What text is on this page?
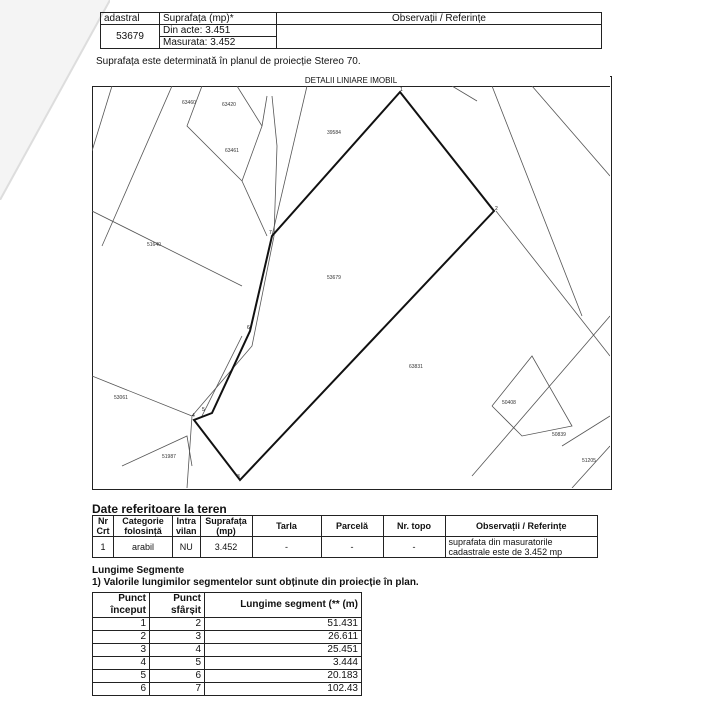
adastral	Suprafața (mp)*	Observații / Referințe
53679	Din acte: 3.451	
	Masurata: 3.452	
Suprafața este determinată în planul de proiecție Stereo 70.
DETALII LINIARE IMOBIL
63460	63420
39584
63461
51640
53679
63831
53061
50408
51987
50839
51205
1
2
3
4
5
6
7
Date referitoare la teren
Nr Crt	Categorie folosință	Intra vilan	Suprafața (mp)	Tarla	Parcelă	Nr. topo	Observații / Referințe
1	arabil	NU	3.452	-	-	-	suprafata din masuratorile cadastrale este de 3.452 mp
Lungime Segmente
1) Valorile lungimilor segmentelor sunt obținute din proiecție în plan.
Punct început	Punct sfârșit	Lungime segment (** (m)
1	2	51.431
2	3	26.611
3	4	25.451
4	5	3.444
5	6	20.183
6	7	102.43
